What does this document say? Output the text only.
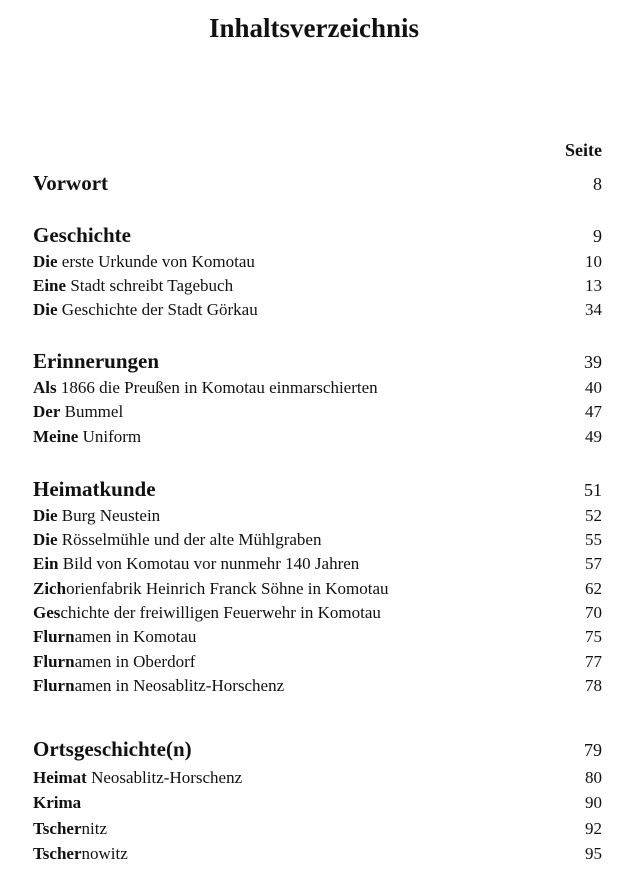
Inhaltsverzeichnis
Seite
Vorwort	8
Geschichte	9
Die erste Urkunde von Komotau	10
Eine Stadt schreibt Tagebuch	13
Die Geschichte der Stadt Görkau	34
Erinnerungen	39
Als 1866 die Preußen in Komotau einmarschierten	40
Der Bummel	47
Meine Uniform	49
Heimatkunde	51
Die Burg Neustein	52
Die Rösselmühle und der alte Mühlgraben	55
Ein Bild von Komotau vor nunmehr 140 Jahren	57
Zichorienfabrik Heinrich Franck Söhne in Komotau	62
Geschichte der freiwilligen Feuerwehr in Komotau	70
Flurnamen in Komotau	75
Flurnamen in Oberdorf	77
Flurnamen in Neosablitz-Horschenz	78
Ortsgeschichte(n)	79
Heimat Neosablitz-Horschenz	80
Krima	90
Tschernitz	92
Tschernowitz	95
